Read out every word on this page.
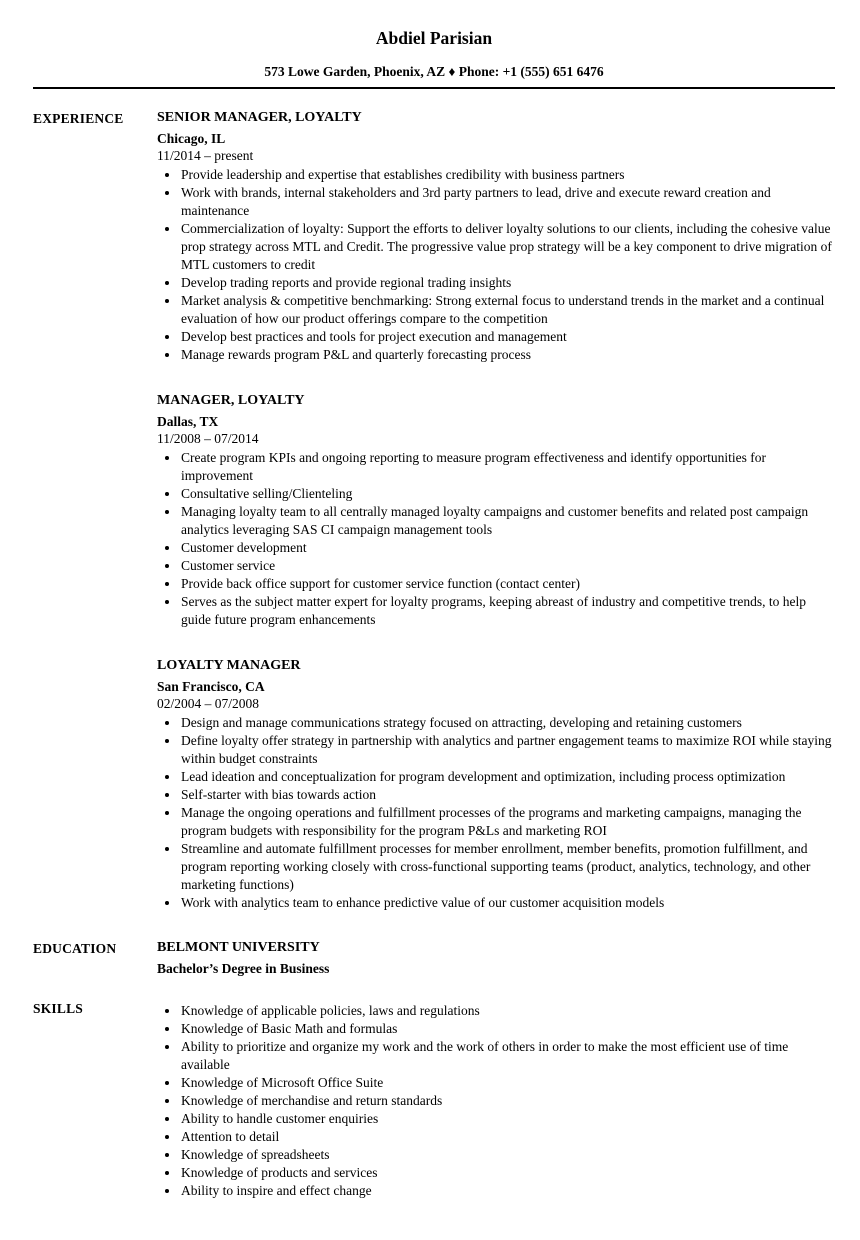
Abdiel Parisian
573 Lowe Garden, Phoenix, AZ ♦ Phone: +1 (555) 651 6476
EXPERIENCE	SENIOR MANAGER, LOYALTY
Chicago, IL
11/2014 – present
• Provide leadership and expertise that establishes credibility with business partners
• Work with brands, internal stakeholders and 3rd party partners to lead, drive and execute reward creation and maintenance
• Commercialization of loyalty: Support the efforts to deliver loyalty solutions to our clients, including the cohesive value prop strategy across MTL and Credit. The progressive value prop strategy will be a key component to drive migration of MTL customers to credit
• Develop trading reports and provide regional trading insights
• Market analysis & competitive benchmarking: Strong external focus to understand trends in the market and a continual evaluation of how our product offerings compare to the competition
• Develop best practices and tools for project execution and management
• Manage rewards program P&L and quarterly forecasting process
MANAGER, LOYALTY
Dallas, TX
11/2008 – 07/2014
• Create program KPIs and ongoing reporting to measure program effectiveness and identify opportunities for improvement
• Consultative selling/Clienteling
• Managing loyalty team to all centrally managed loyalty campaigns and customer benefits and related post campaign analytics leveraging SAS CI campaign management tools
• Customer development
• Customer service
• Provide back office support for customer service function (contact center)
• Serves as the subject matter expert for loyalty programs, keeping abreast of industry and competitive trends, to help guide future program enhancements
LOYALTY MANAGER
San Francisco, CA
02/2004 – 07/2008
• Design and manage communications strategy focused on attracting, developing and retaining customers
• Define loyalty offer strategy in partnership with analytics and partner engagement teams to maximize ROI while staying within budget constraints
• Lead ideation and conceptualization for program development and optimization, including process optimization
• Self-starter with bias towards action
• Manage the ongoing operations and fulfillment processes of the programs and marketing campaigns, managing the program budgets with responsibility for the program P&Ls and marketing ROI
• Streamline and automate fulfillment processes for member enrollment, member benefits, promotion fulfillment, and program reporting working closely with cross-functional supporting teams (product, analytics, technology, and other marketing functions)
• Work with analytics team to enhance predictive value of our customer acquisition models
EDUCATION	BELMONT UNIVERSITY
Bachelor’s Degree in Business
SKILLS	• Knowledge of applicable policies, laws and regulations
• Knowledge of Basic Math and formulas
• Ability to prioritize and organize my work and the work of others in order to make the most efficient use of time available
• Knowledge of Microsoft Office Suite
• Knowledge of merchandise and return standards
• Ability to handle customer enquiries
• Attention to detail
• Knowledge of spreadsheets
• Knowledge of products and services
• Ability to inspire and effect change
